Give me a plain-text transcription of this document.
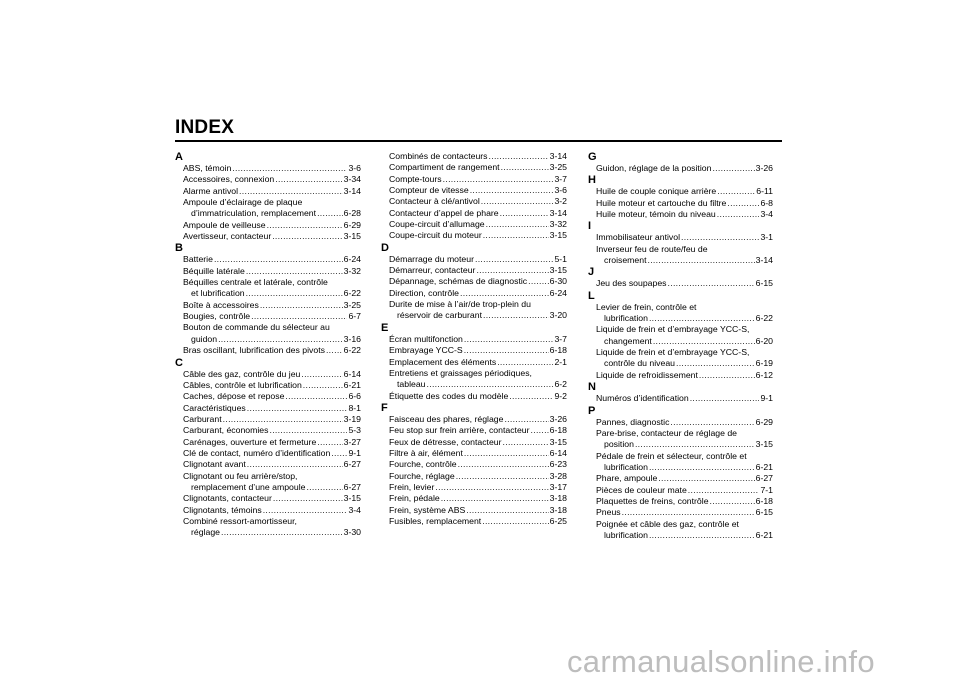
INDEX
A
ABS, témoin .....	3-6
Accessoires, connexion .....	3-34
Alarme antivol .....	3-14
Ampoule d’éclairage de plaque
d’immatriculation, remplacement .....	6-28
Ampoule de veilleuse .....	6-29
Avertisseur, contacteur .....	3-15
B
Batterie .....	6-24
Béquille latérale .....	3-32
Béquilles centrale et latérale, contrôle
et lubrification .....	6-22
Boîte à accessoires .....	3-25
Bougies, contrôle .....	6-7
Bouton de commande du sélecteur au
guidon .....	3-16
Bras oscillant, lubrification des pivots ..... 6-22
C
Câble des gaz, contrôle du jeu .....	6-14
Câbles, contrôle et lubrification .....	6-21
Caches, dépose et repose .....	6-6
Caractéristiques .....	8-1
Carburant .....	3-19
Carburant, économies .....	5-3
Carénages, ouverture et fermeture .....	3-27
Clé de contact, numéro d’identification ..... 9-1
Clignotant avant .....	6-27
Clignotant ou feu arrière/stop,
remplacement d’une ampoule .....	6-27
Clignotants, contacteur .....	3-15
Clignotants, témoins .....	3-4
Combiné ressort-amortisseur,
réglage .....	3-30
Combinés de contacteurs .....	3-14
Compartiment de rangement .....	3-25
Compte-tours .....	3-7
Compteur de vitesse .....	3-6
Contacteur à clé/antivol .....	3-2
Contacteur d’appel de phare .....	3-14
Coupe-circuit d’allumage .....	3-32
Coupe-circuit du moteur .....	3-15
D
Démarrage du moteur .....	5-1
Démarreur, contacteur .....	3-15
Dépannage, schémas de diagnostic .....	6-30
Direction, contrôle .....	6-24
Durite de mise à l’air/de trop-plein du
réservoir de carburant .....	3-20
E
Écran multifonction .....	3-7
Embrayage YCC-S .....	6-18
Emplacement des éléments .....	2-1
Entretiens et graissages périodiques,
tableau .....	6-2
Étiquette des codes du modèle .....	9-2
F
Faisceau des phares, réglage .....	3-26
Feu stop sur frein arrière, contacteur ..... 6-18
Feux de détresse, contacteur .....	3-15
Filtre à air, élément .....	6-14
Fourche, contrôle .....	6-23
Fourche, réglage .....	3-28
Frein, levier .....	3-17
Frein, pédale .....	3-18
Frein, système ABS .....	3-18
Fusibles, remplacement .....	6-25
G
Guidon, réglage de la position .....	3-26
H
Huile de couple conique arrière .....	6-11
Huile moteur et cartouche du filtre .....	6-8
Huile moteur, témoin du niveau .....	3-4
I
Immobilisateur antivol .....	3-1
Inverseur feu de route/feu de
croisement .....	3-14
J
Jeu des soupapes .....	6-15
L
Levier de frein, contrôle et
lubrification .....	6-22
Liquide de frein et d’embrayage YCC-S,
changement .....	6-20
Liquide de frein et d’embrayage YCC-S,
contrôle du niveau .....	6-19
Liquide de refroidissement .....	6-12
N
Numéros d’identification .....	9-1
P
Pannes, diagnostic .....	6-29
Pare-brise, contacteur de réglage de
position .....	3-15
Pédale de frein et sélecteur, contrôle et
lubrification .....	6-21
Phare, ampoule .....	6-27
Pièces de couleur mate .....	7-1
Plaquettes de freins, contrôle .....	6-18
Pneus .....	6-15
Poignée et câble des gaz, contrôle et
lubrification .....	6-21
carmanualsonline.info
